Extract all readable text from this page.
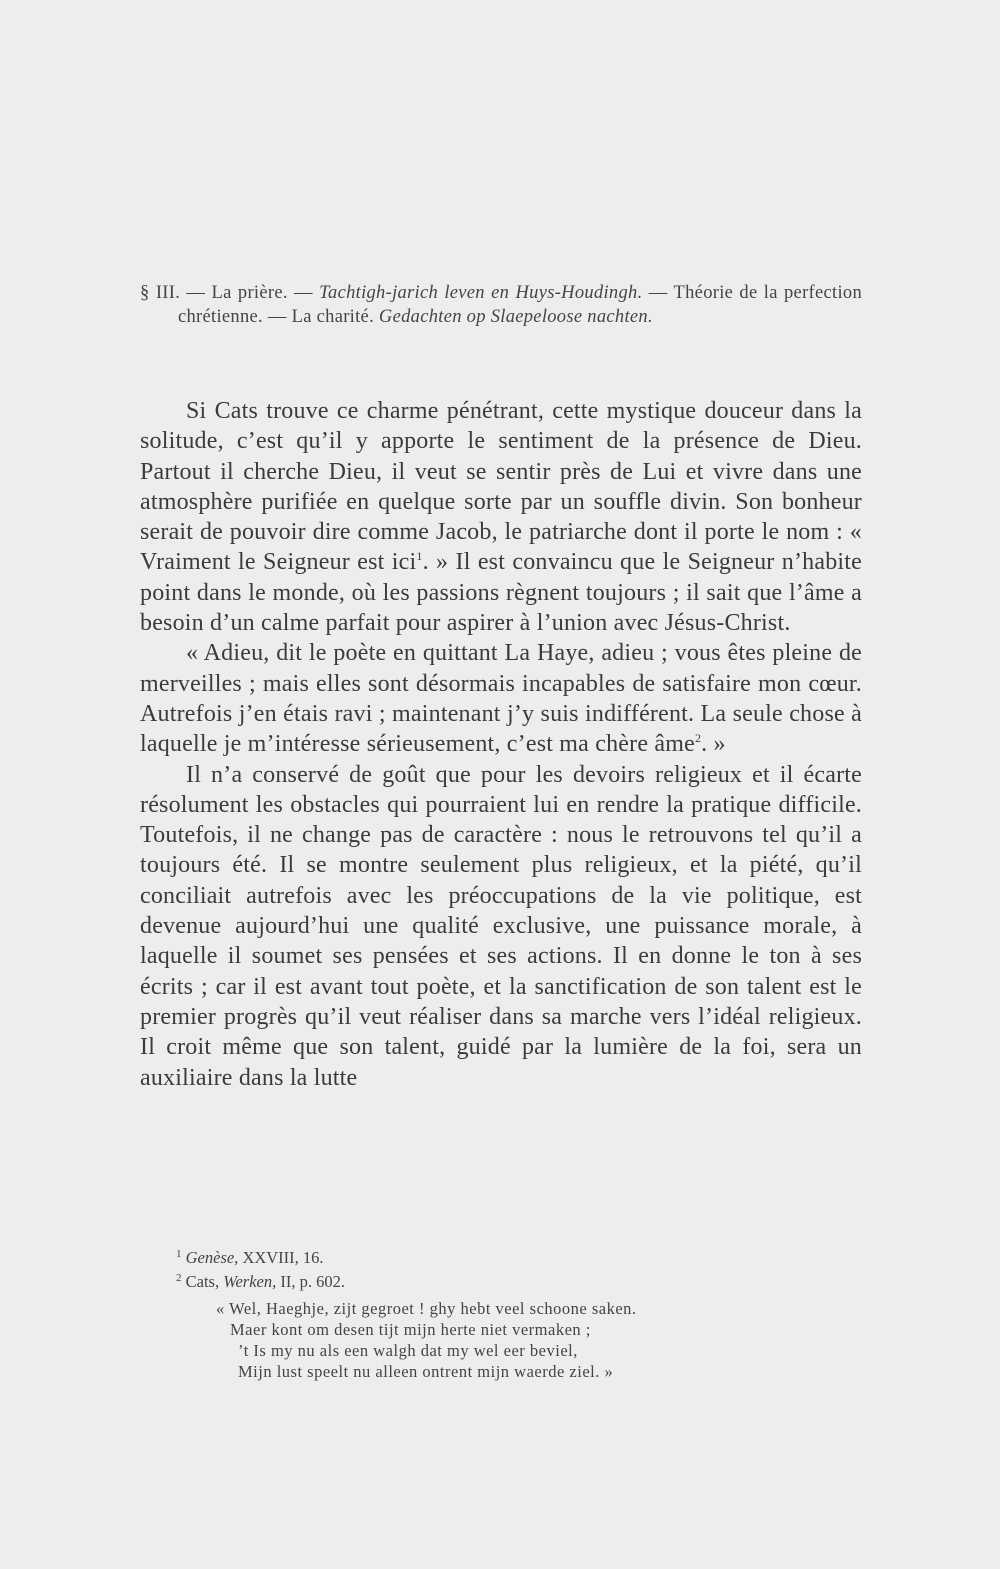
§ III. — La prière. — Tachtigh-jarich leven en Huys-Houdingh. — Théorie de la perfection chrétienne. — La charité. Gedachten op Slaepeloose nachten.

Si Cats trouve ce charme pénétrant, cette mystique douceur dans la solitude, c’est qu’il y apporte le sentiment de la présence de Dieu. Partout il cherche Dieu, il veut se sentir près de Lui et vivre dans une atmosphère purifiée en quelque sorte par un souffle divin. Son bonheur serait de pouvoir dire comme Jacob, le patriarche dont il porte le nom : « Vraiment le Seigneur est ici$^1$. » Il est convaincu que le Seigneur n’habite point dans le monde, où les passions règnent toujours ; il sait que l’âme a besoin d’un calme parfait pour aspirer à l’union avec Jésus-Christ.

« Adieu, dit le poète en quittant La Haye, adieu ; vous êtes pleine de merveilles ; mais elles sont désormais incapables de satisfaire mon cœur. Autrefois j’en étais ravi ; maintenant j’y suis indifférent. La seule chose à laquelle je m’intéresse sérieusement, c’est ma chère âme$^2$. »

Il n’a conservé de goût que pour les devoirs religieux et il écarte résolument les obstacles qui pourraient lui en rendre la pratique difficile. Toutefois, il ne change pas de caractère : nous le retrouvons tel qu’il a toujours été. Il se montre seulement plus religieux, et la piété, qu’il conciliait autrefois avec les préoccupations de la vie politique, est devenue aujourd’hui une qualité exclusive, une puissance morale, à laquelle il soumet ses pensées et ses actions. Il en donne le ton à ses écrits ; car il est avant tout poète, et la sanctification de son talent est le premier progrès qu’il veut réaliser dans sa marche vers l’idéal religieux. Il croit même que son talent, guidé par la lumière de la foi, sera un auxiliaire dans la lutte

$^1$ Genèse, XXVIII, 16.

$^2$ Cats, Werken, II, p. 602.

« Wel, Haeghje, zijt gegroet ! ghy hebt veel schoone saken.
Maer kont om desen tijt mijn herte niet vermaken ;
’t Is my nu als een walgh dat my wel eer beviel,
Mijn lust speelt nu alleen ontrent mijn waerde ziel. »
